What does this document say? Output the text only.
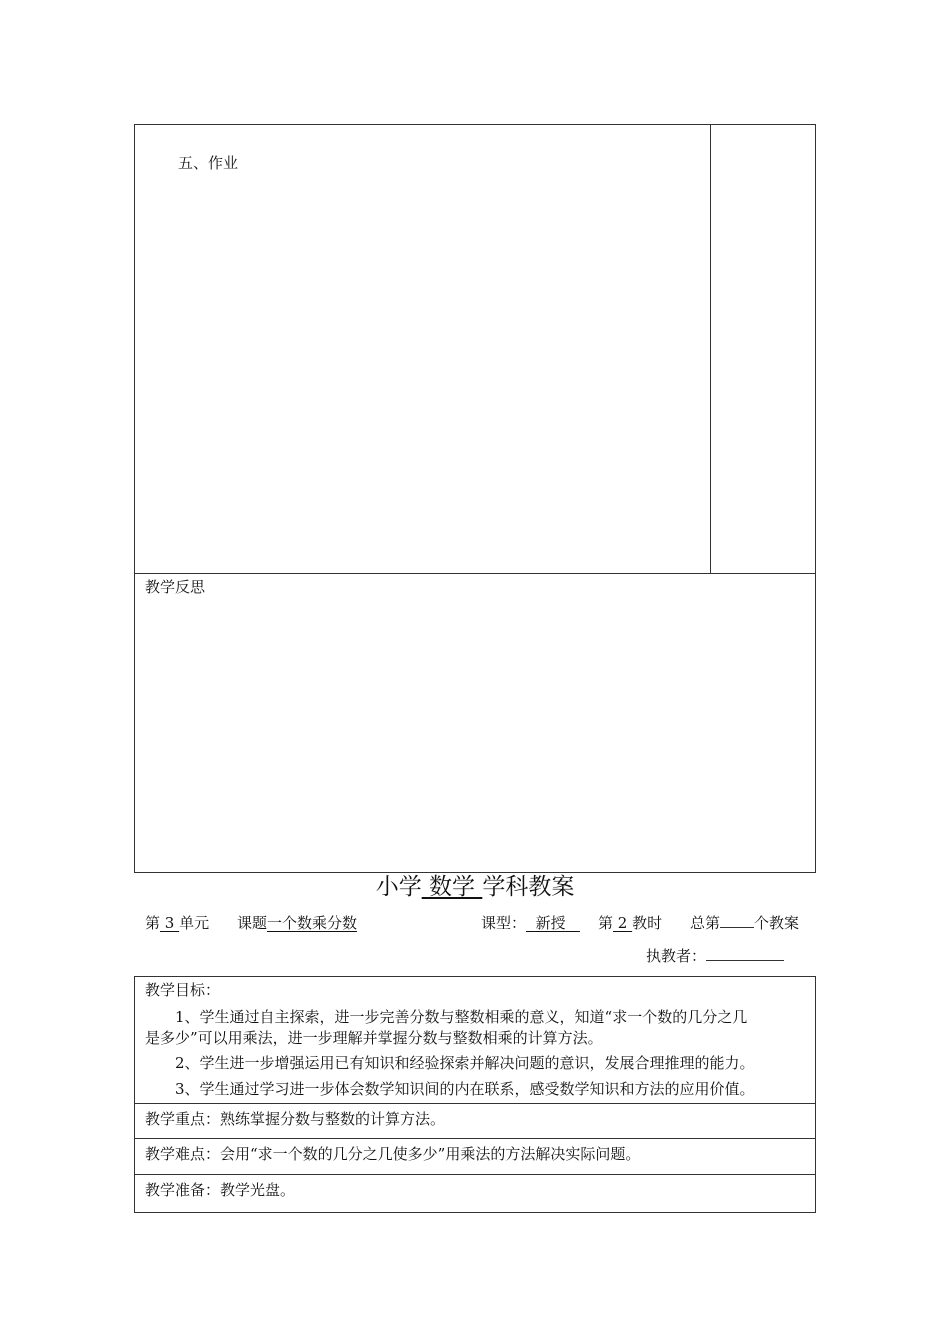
五、作业
教学反思
小学 数学 学科教案
第 3 单元 课题一个数乘分数	课型： 新授	第 2 教时 总第 个教案
执教者：
教学目标：
1、学生通过自主探索，进一步完善分数与整数相乘的意义，知道“求一个数的几分之几
是多少”可以用乘法，进一步理解并掌握分数与整数相乘的计算方法。
2、学生进一步增强运用已有知识和经验探索并解决问题的意识，发展合理推理的能力。
3、学生通过学习进一步体会数学知识间的内在联系，感受数学知识和方法的应用价值。
教学重点：熟练掌握分数与整数的计算方法。
教学难点：会用“求一个数的几分之几使多少”用乘法的方法解决实际问题。
教学准备：教学光盘。
